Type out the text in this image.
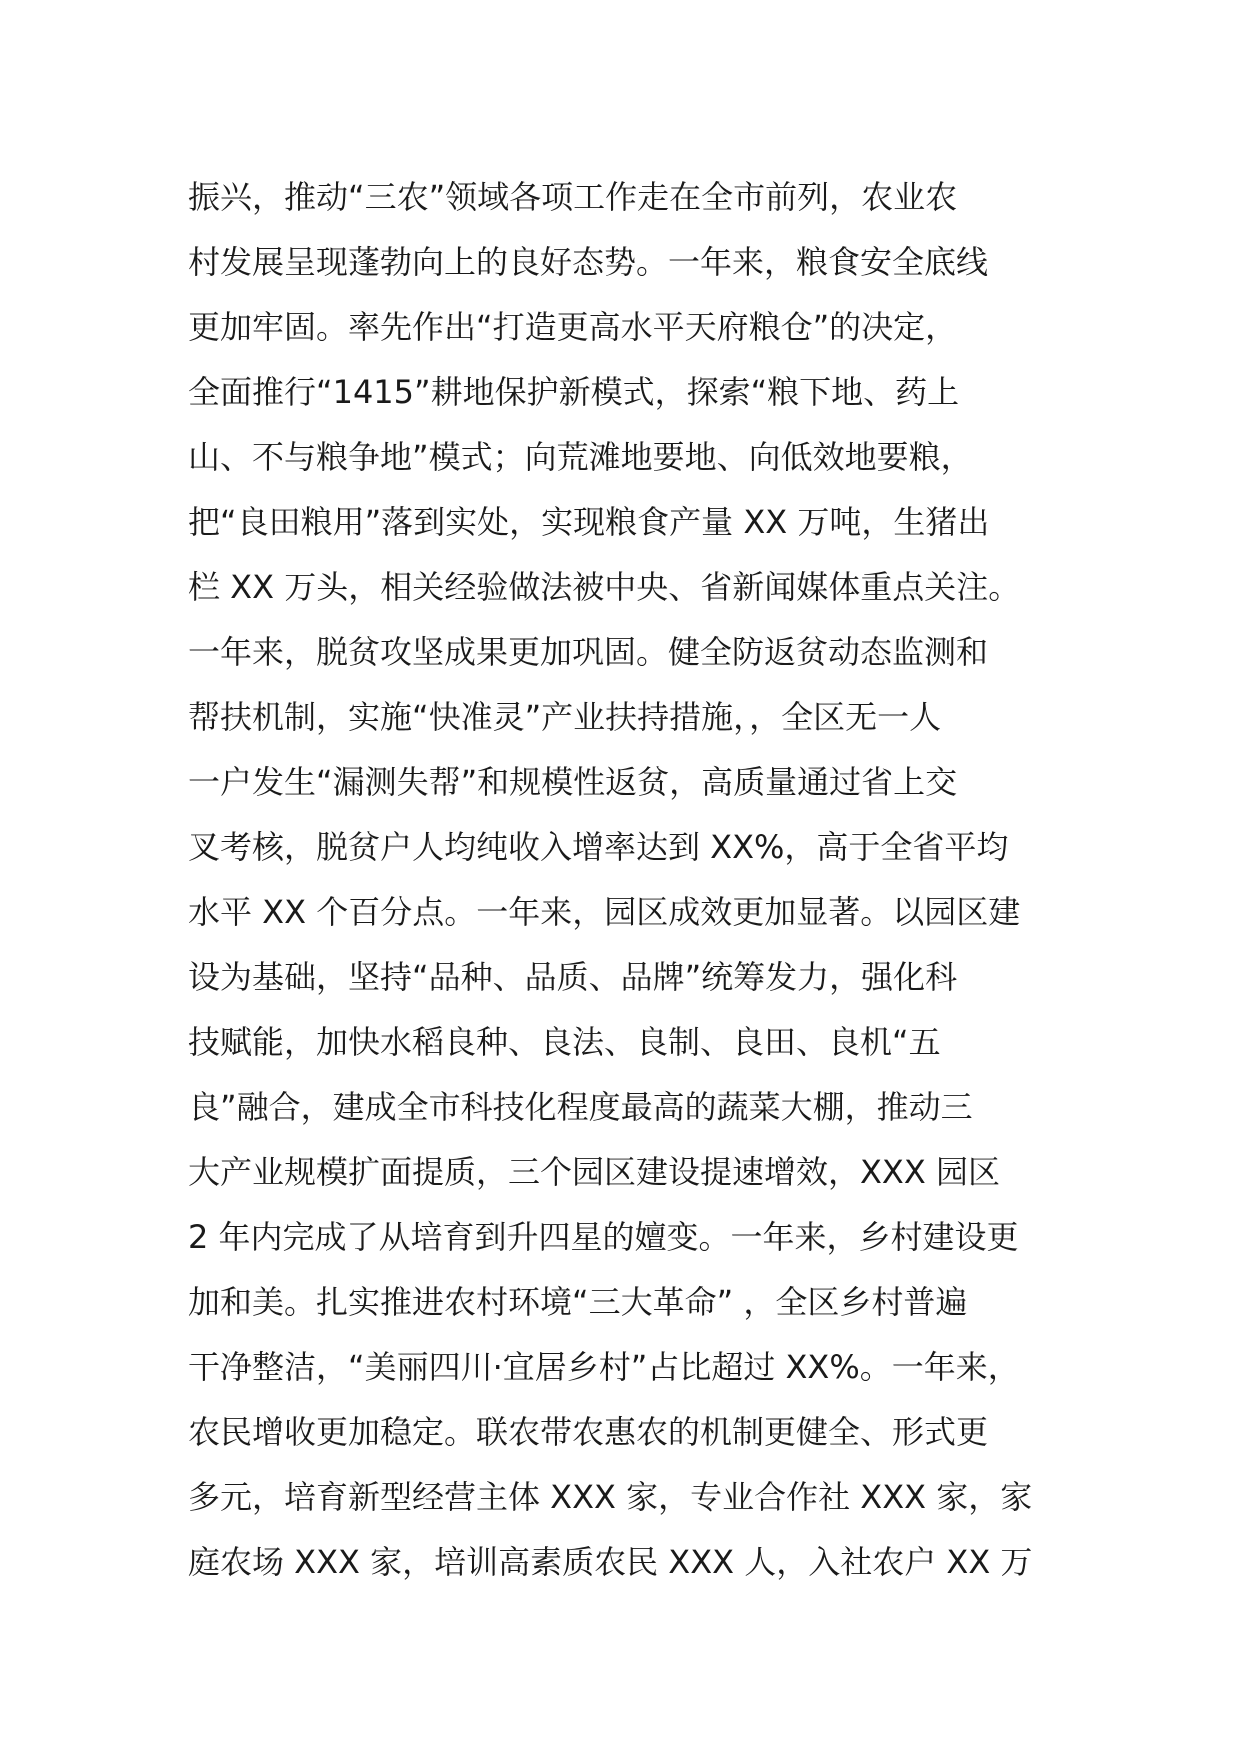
振兴，推动“三农”领域各项工作走在全市前列，农业农
村发展呈现蓬勃向上的良好态势。一年来，粮食安全底线
更加牢固。率先作出“打造更高水平天府粮仓”的决定，
全面推行“1415”耕地保护新模式，探索“粮下地、药上
山、不与粮争地”模式；向荒滩地要地、向低效地要粮，
把“良田粮用”落到实处，实现粮食产量 XX 万吨，生猪出
栏 XX 万头，相关经验做法被中央、省新闻媒体重点关注。
一年来，脱贫攻坚成果更加巩固。健全防返贫动态监测和
帮扶机制，实施“快准灵”产业扶持措施，，全区无一人
一户发生“漏测失帮”和规模性返贫，高质量通过省上交
叉考核，脱贫户人均纯收入增率达到 XX%，高于全省平均
水平 XX 个百分点。一年来，园区成效更加显著。以园区建
设为基础，坚持“品种、品质、品牌”统筹发力，强化科
技赋能，加快水稻良种、良法、良制、良田、良机“五
良”融合，建成全市科技化程度最高的蔬菜大棚，推动三
大产业规模扩面提质，三个园区建设提速增效，XXX 园区
2 年内完成了从培育到升四星的嬗变。一年来，乡村建设更
加和美。扎实推进农村环境“三大革命” ，全区乡村普遍
干净整洁，“美丽四川·宜居乡村”占比超过 XX%。一年来，
农民增收更加稳定。联农带农惠农的机制更健全、形式更
多元，培育新型经营主体 XXX 家，专业合作社 XXX 家，家
庭农场 XXX 家，培训高素质农民 XXX 人，入社农户 XX 万
